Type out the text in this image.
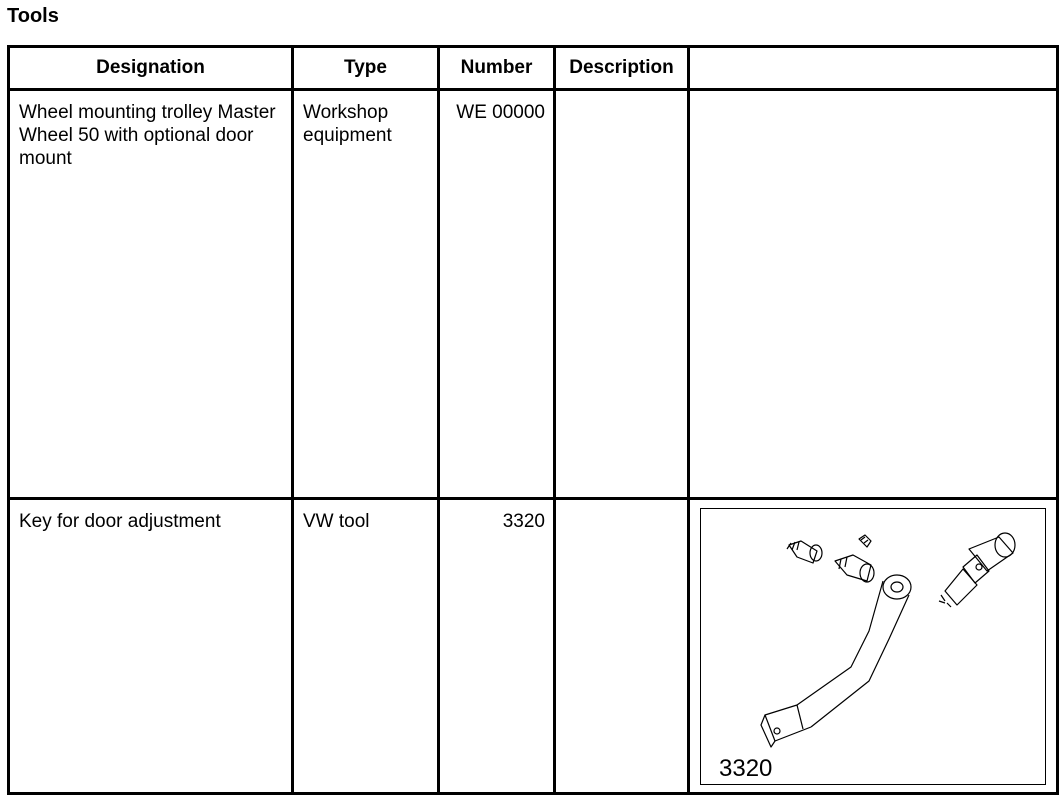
Tools
Designation	Type	Number	Description	

Wheel mounting trolley Master Wheel 50 with optional door mount	Workshop equipment	WE 00000		

Key for door adjustment	VW tool	3320		3320
